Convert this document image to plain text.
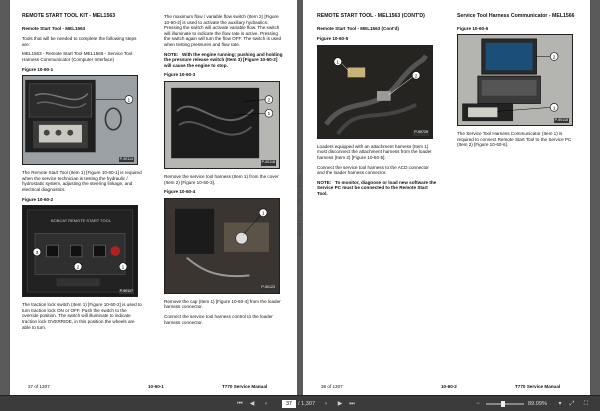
REMOTE START TOOL KIT - MEL1563
Remote Start Tool - MEL1563

Tools that will be needed to complete the following steps are:

MEL1563 - Remote Start Tool MEL1566 - Service Tool Harness Communicator (Computer Interface)

Figure 10-60-1
1
P-90114

The Remote Start Tool (Item 1) [Figure 10-60-1] is required when the service technician is testing the hydraulic / hydrostatic system, adjusting the steering linkage, and electrical diagnostics.

Figure 10-60-2
3
2	1
BOBCAT REMOTE START TOOL
P-90117

The traction lock switch (Item 1) [Figure 10-60-2] is used to turn traction lock ON or OFF. Push the switch to the override position. The switch will illuminate to indicate traction lock OVERRIDE, in this position the wheels are able to turn.

The maximum flow / variable flow switch (Item 2) [Figure 10-60-2] is used to activate the auxiliary hydraulics. Pressing the switch will activate variable flow. The switch will illuminate to indicate the flow rate is active. Pressing the switch again will turn the flow OFF. The switch is used when testing pressures and flow rate.

NOTE: With the engine running; pushing and holding the pressure release switch (Item 3) [Figure 10-60-2] will cause the engine to stop.

Figure 10-60-3
2
1
P-90116

Remove the service tool harness (Item 1) from the cover (Item 2) [Figure 10-60-3].

Figure 10-60-4
1
P-90123

Remove the cap (Item 1) [Figure 10-60-4] from the loader harness connector.

Connect the service tool harness control to the loader harness connector.

37 of 1307	10-60-1	T770 Service Manual
Dealer Copy -- Not for Resale
REMOTE START TOOL - MEL1563 (CONT'D)
Remote Start Tool - MEL1563 (Cont'd)
Figure 10-60-5
1
2
P-90729

Loaders equipped with an attachment harness (Item 1) must disconnect the attachment harness from the loader harness (Item 2) [Figure 10-60-5].

Connect the service tool harness to the ACD connector and the loader harness connector.

NOTE: To monitor, diagnose or load new software the Service PC must be connected to the Remote Start Tool.

Service Tool Harness Communicator - MEL1566
Figure 10-60-6
2
1
P-90118

The Service Tool Harness Communicator (Item 1) is required to connect Remote Start Tool to the Service PC (Item 2) [Figure 10-60-6].

38 of 1307	10-60-2	T770 Service Manual
⏮ ◀	‹	37	/ 1,307	›	▶ ⏭	−	89.09%	▾	⤢	⛶
